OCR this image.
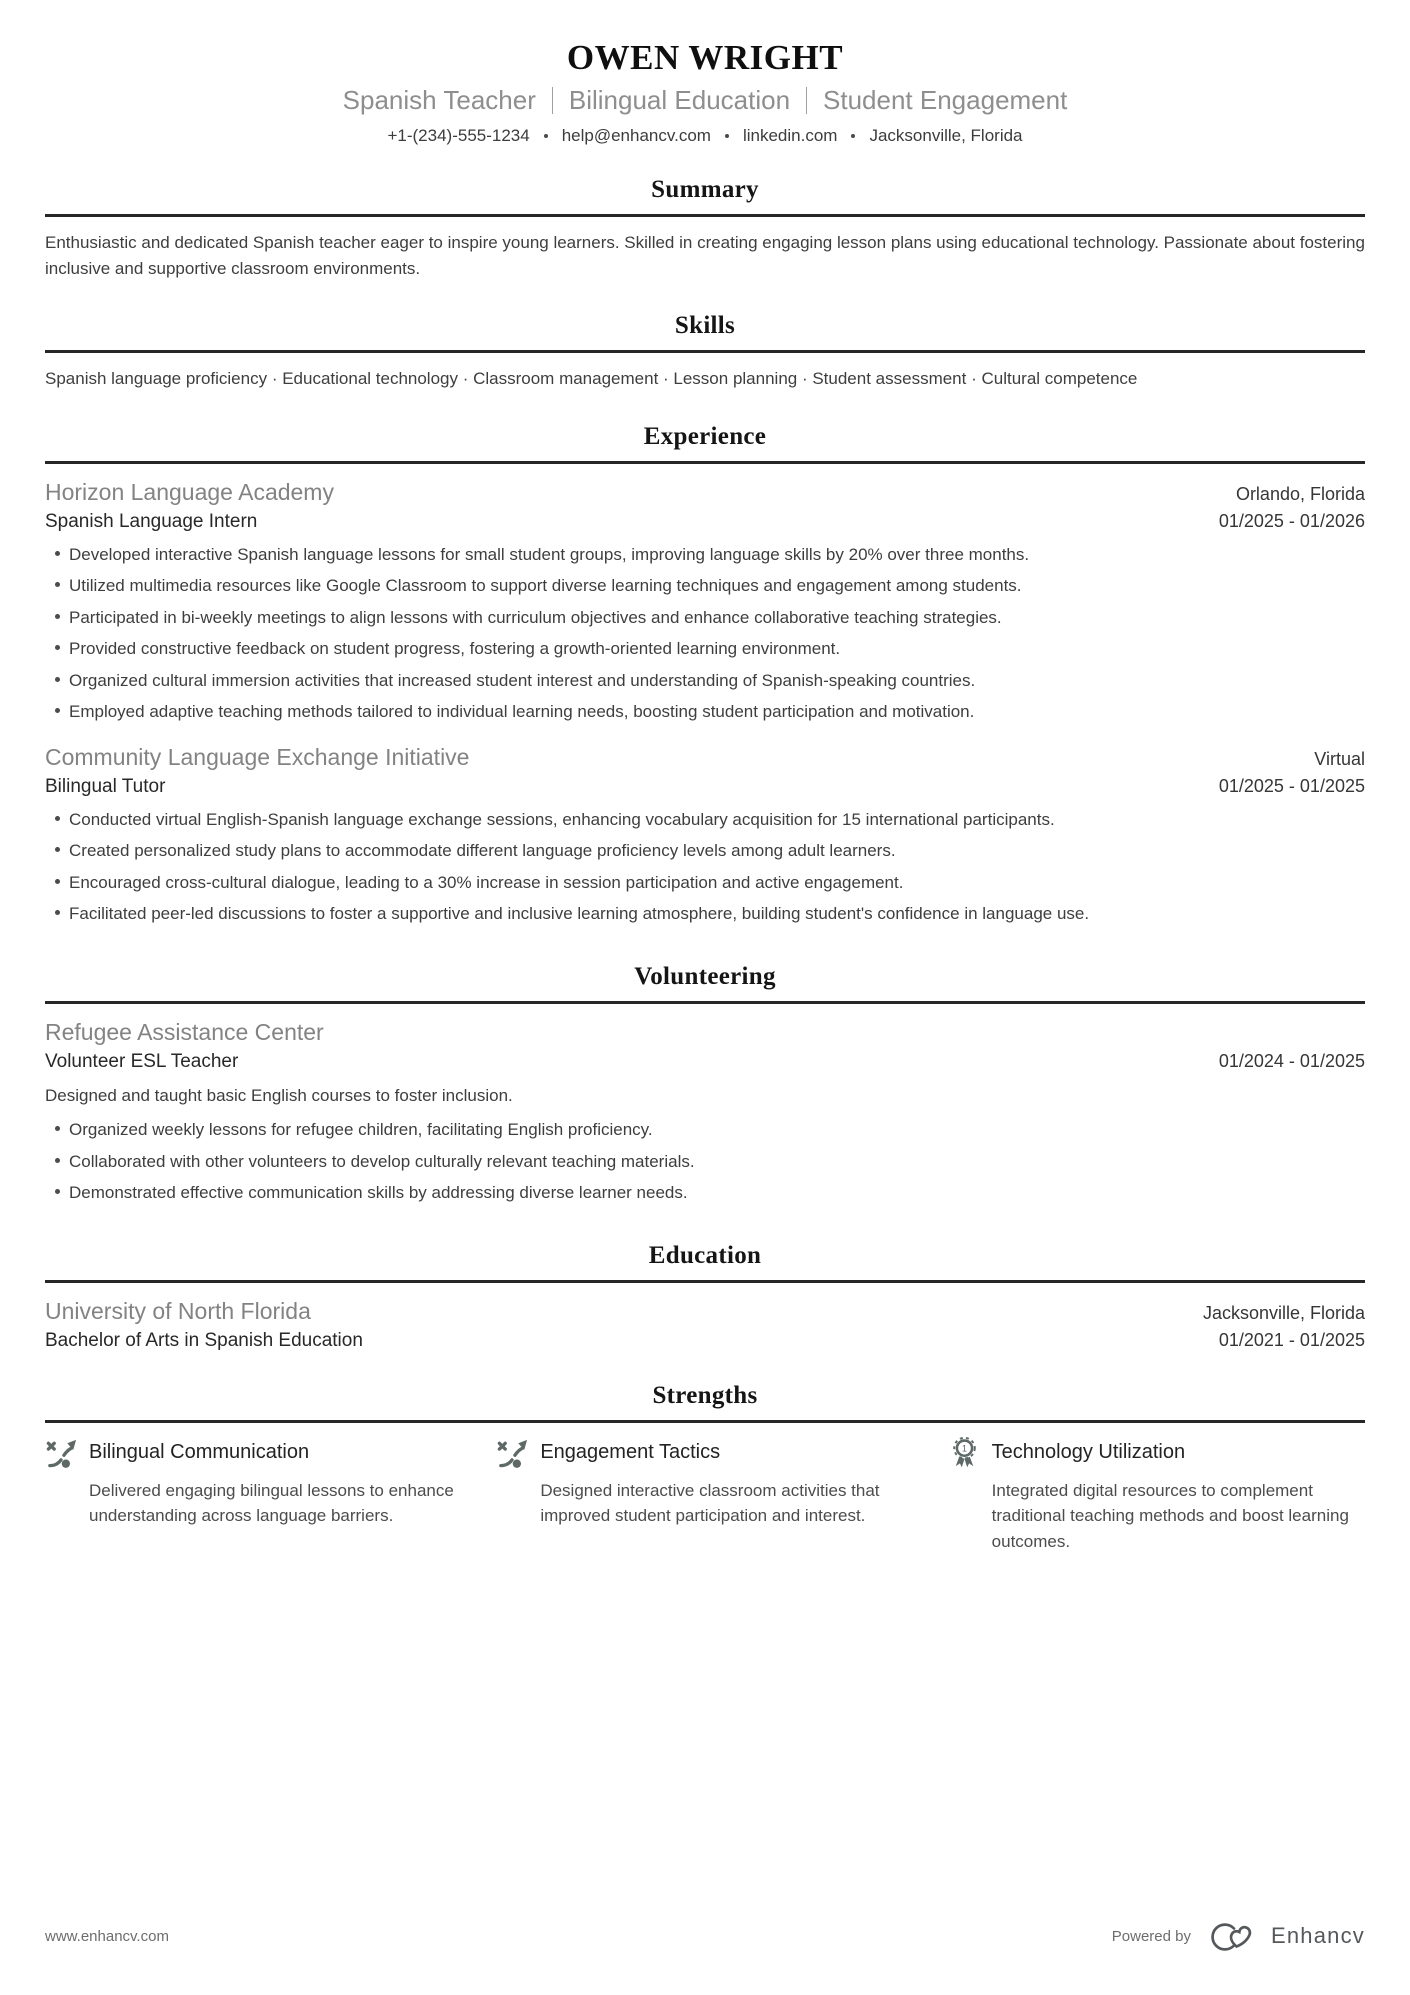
OWEN WRIGHT
Spanish Teacher Bilingual Education Student Engagement
+1-(234)-555-1234 help@enhancv.com linkedin.com Jacksonville, Florida
Summary

Enthusiastic and dedicated Spanish teacher eager to inspire young learners. Skilled in creating engaging lesson plans using educational technology. Passionate about fostering inclusive and supportive classroom environments.

Skills

Spanish language proficiency · Educational technology · Classroom management · Lesson planning · Student assessment · Cultural competence

Experience
Horizon Language Academy	Orlando, Florida
Spanish Language Intern	01/2025 - 01/2026
Developed interactive Spanish language lessons for small student groups, improving language skills by 20% over three months.
Utilized multimedia resources like Google Classroom to support diverse learning techniques and engagement among students.
Participated in bi-weekly meetings to align lessons with curriculum objectives and enhance collaborative teaching strategies.
Provided constructive feedback on student progress, fostering a growth-oriented learning environment.
Organized cultural immersion activities that increased student interest and understanding of Spanish-speaking countries.
Employed adaptive teaching methods tailored to individual learning needs, boosting student participation and motivation.
Community Language Exchange Initiative	Virtual
Bilingual Tutor	01/2025 - 01/2025
Conducted virtual English-Spanish language exchange sessions, enhancing vocabulary acquisition for 15 international participants.
Created personalized study plans to accommodate different language proficiency levels among adult learners.
Encouraged cross-cultural dialogue, leading to a 30% increase in session participation and active engagement.
Facilitated peer-led discussions to foster a supportive and inclusive learning atmosphere, building student's confidence in language use.
Volunteering
Refugee Assistance Center
Volunteer ESL Teacher	01/2024 - 01/2025

Designed and taught basic English courses to foster inclusion.

Organized weekly lessons for refugee children, facilitating English proficiency.
Collaborated with other volunteers to develop culturally relevant teaching materials.
Demonstrated effective communication skills by addressing diverse learner needs.
Education
University of North Florida	Jacksonville, Florida
Bachelor of Arts in Spanish Education	01/2021 - 01/2025
Strengths
Bilingual Communication

Delivered engaging bilingual lessons to enhance understanding across language barriers.

Engagement Tactics

Designed interactive classroom activities that improved student participation and interest.

1 Technology Utilization

Integrated digital resources to complement traditional teaching methods and boost learning outcomes.

www.enhancv.com	Powered by	Enhancv
